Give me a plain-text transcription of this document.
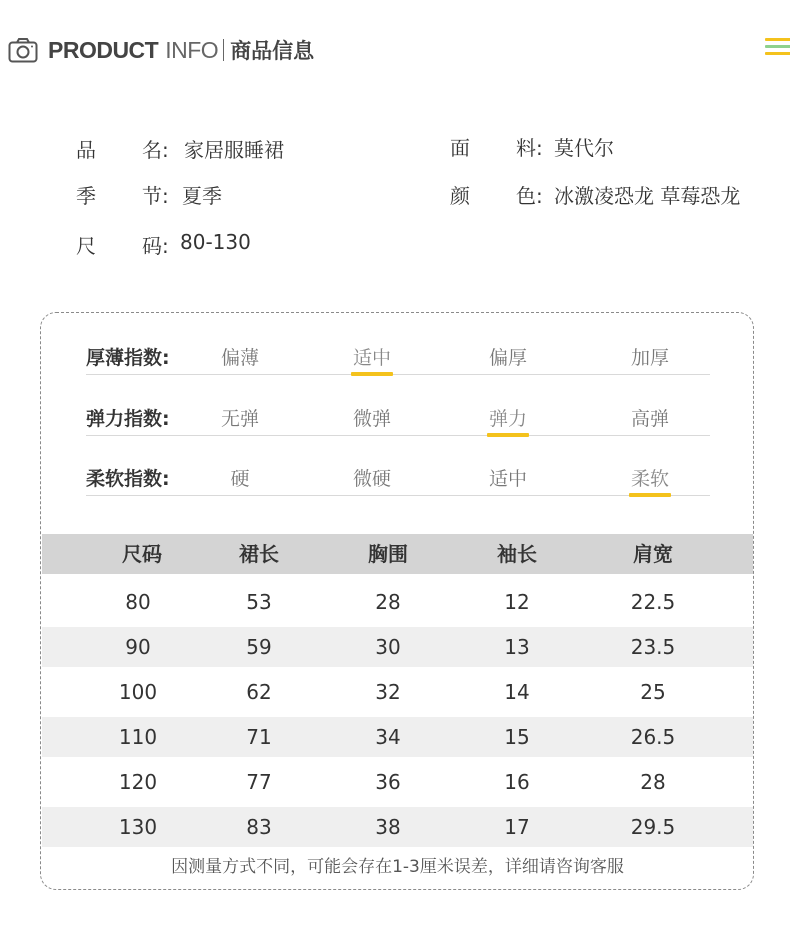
PRODUCT INFO 商品信息
品 名: 家居服睡裙	面 料: 莫代尔
季 节: 夏季	颜 色: 冰激凌恐龙 草莓恐龙
尺 码: 80-130
厚薄指数:	偏薄	适中	偏厚	加厚
弹力指数:	无弹	微弹	弹力	高弹
柔软指数:	硬	微硬	适中	柔软
尺码	裙长	胸围	袖长	肩宽
80	53	28	12	22.5
90	59	30	13	23.5
100	62	32	14	25
110	71	34	15	26.5
120	77	36	16	28
130	83	38	17	29.5
因测量方式不同，可能会存在1-3厘米误差，详细请咨询客服
